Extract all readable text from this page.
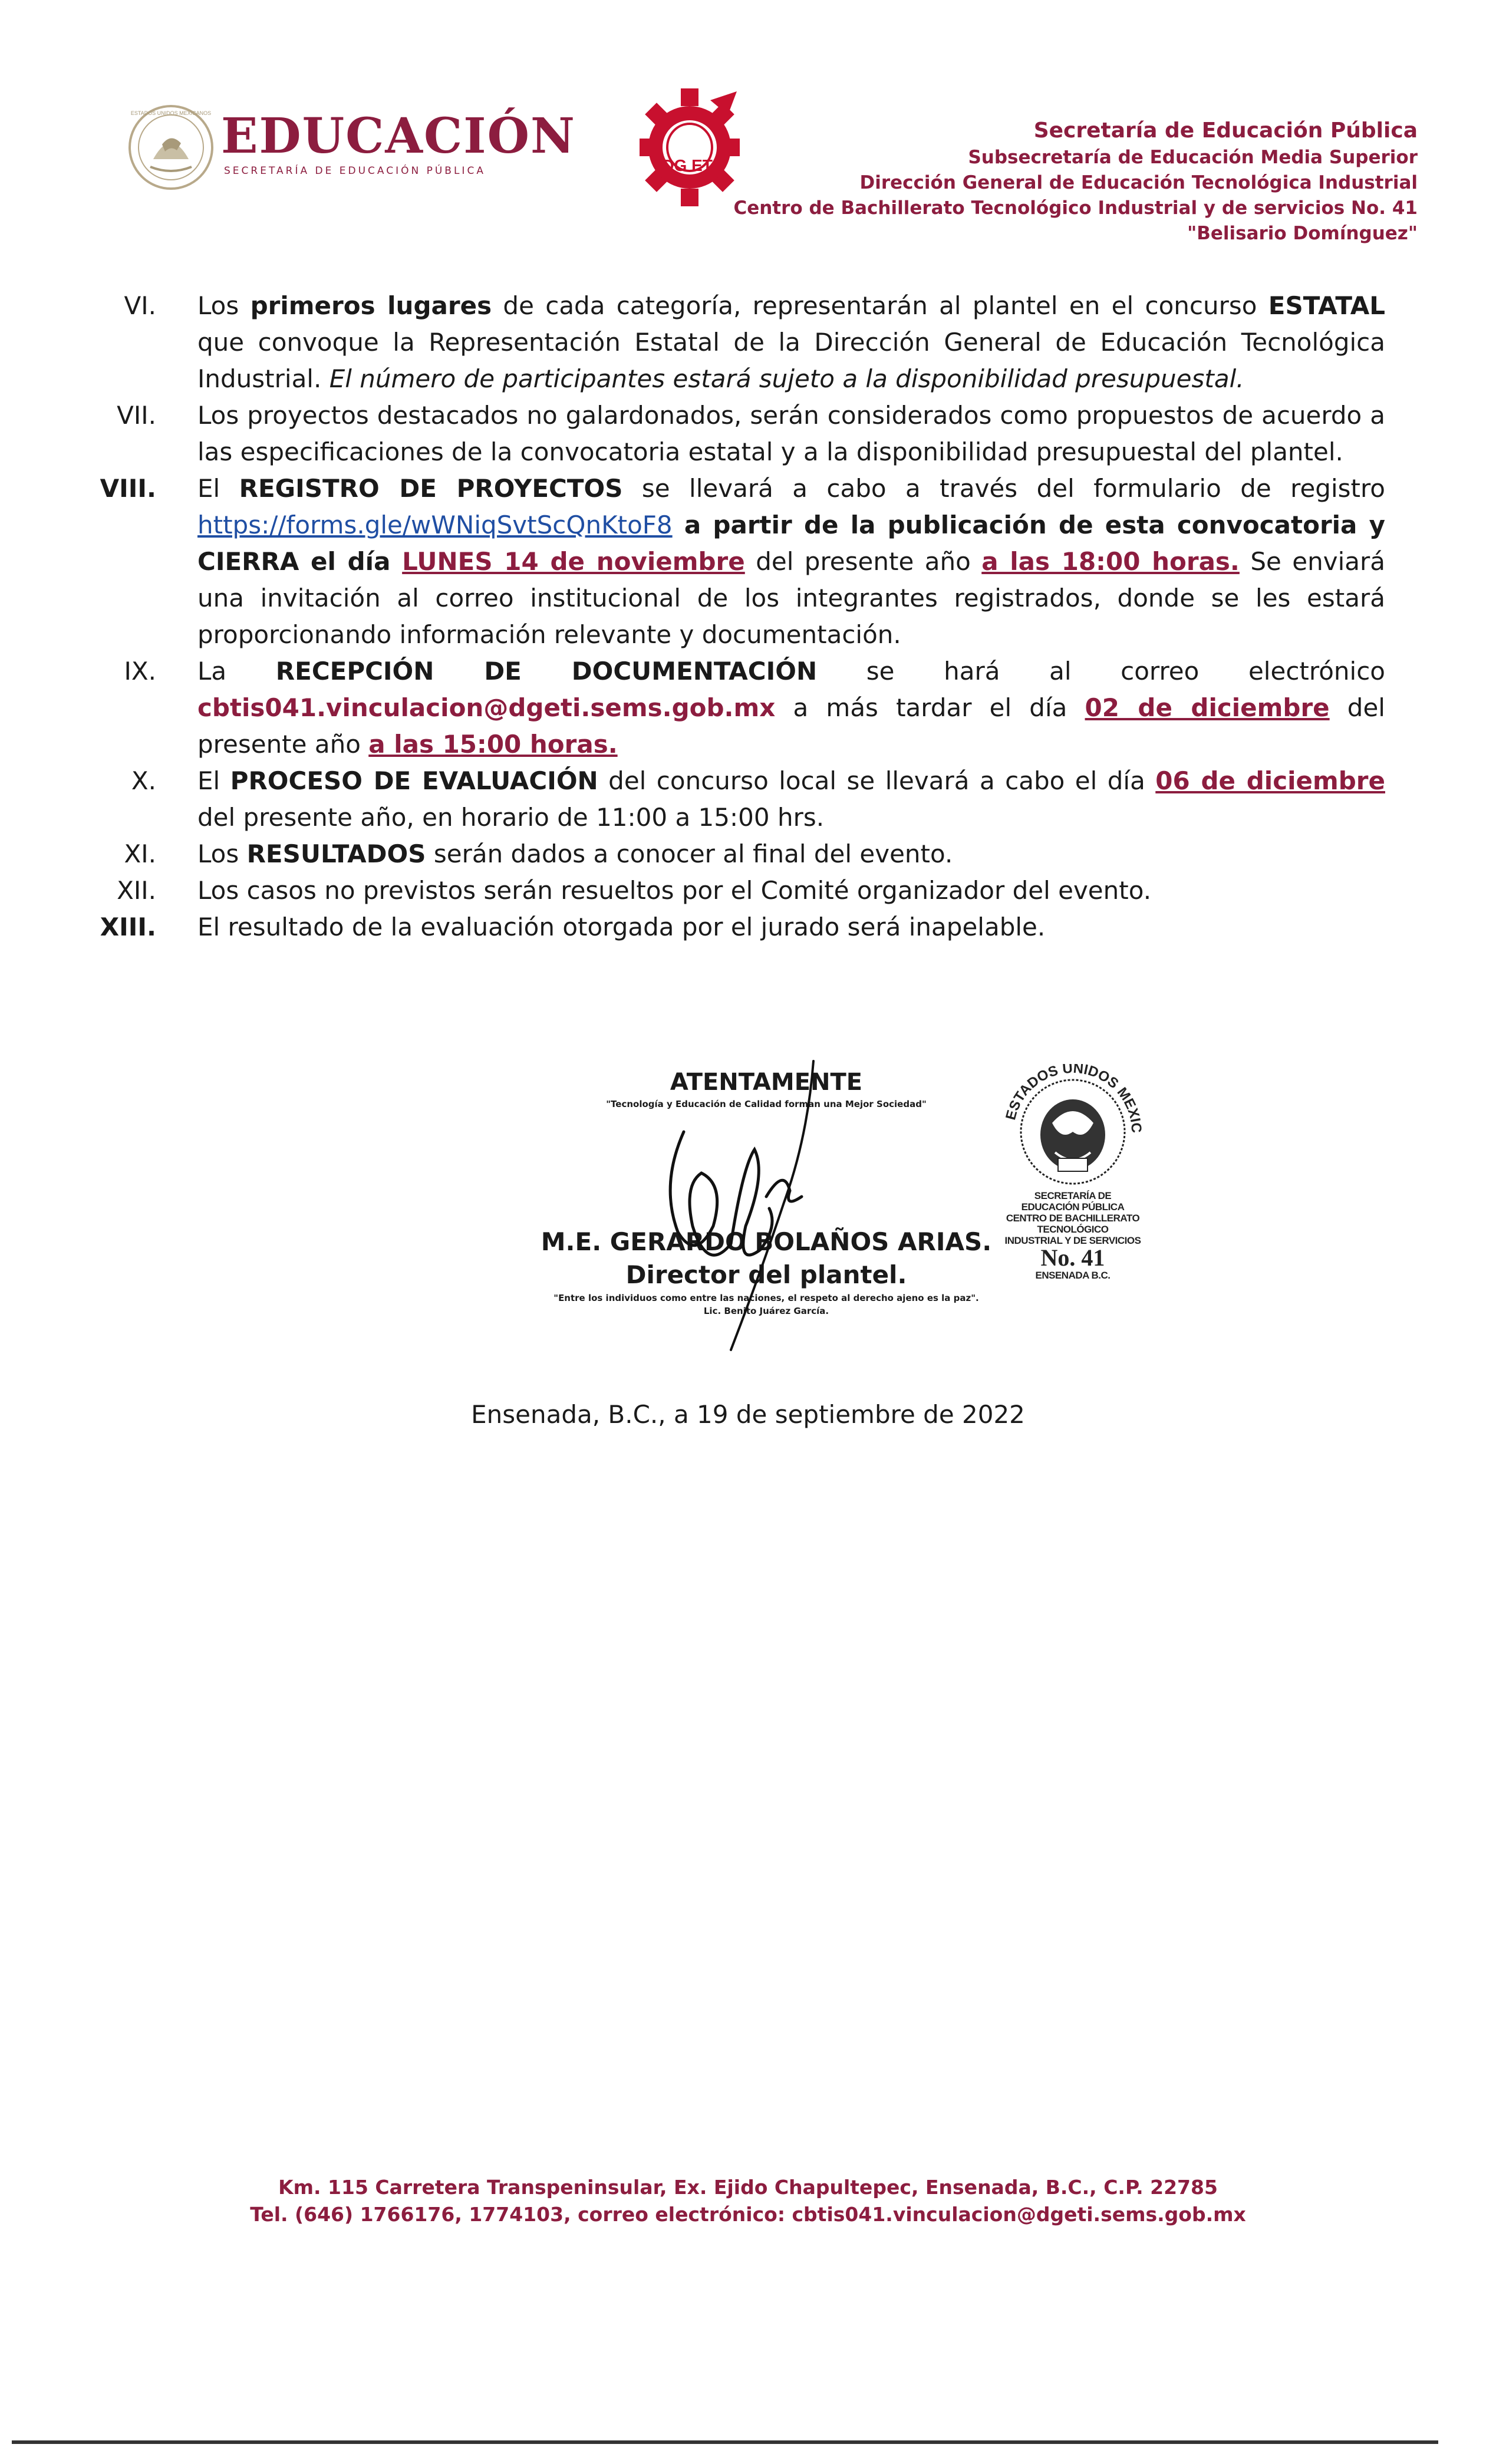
ESTADOS UNIDOS MEXICANOS EDUCACIÓN
SECRETARÍA DE EDUCACIÓN PÚBLICA	DG ETI
Secretaría de Educación Pública
Subsecretaría de Educación Media Superior
Dirección General de Educación Tecnológica Industrial
Centro de Bachillerato Tecnológico Industrial y de servicios No. 41
"Belisario Domínguez"
VI. Los primeros lugares de cada categoría, representarán al plantel en el concurso ESTATAL que convoque la Representación Estatal de la Dirección General de Educación Tecnológica Industrial. El número de participantes estará sujeto a la disponibilidad presupuestal.
VII. Los proyectos destacados no galardonados, serán considerados como propuestos de acuerdo a las especificaciones de la convocatoria estatal y a la disponibilidad presupuestal del plantel.
VIII. El REGISTRO DE PROYECTOS se llevará a cabo a través del formulario de registro https://forms.gle/wWNiqSvtScQnKtoF8 a partir de la publicación de esta convocatoria y CIERRA el día LUNES 14 de noviembre del presente año a las 18:00 horas. Se enviará una invitación al correo institucional de los integrantes registrados, donde se les estará proporcionando información relevante y documentación.
IX. La RECEPCIÓN DE DOCUMENTACIÓN se hará al correo electrónico cbtis041.vinculacion@dgeti.sems.gob.mx a más tardar el día 02 de diciembre del presente año a las 15:00 horas.
X. El PROCESO DE EVALUACIÓN del concurso local se llevará a cabo el día 06 de diciembre del presente año, en horario de 11:00 a 15:00 hrs.
XI. Los RESULTADOS serán dados a conocer al final del evento.
XII. Los casos no previstos serán resueltos por el Comité organizador del evento.
XIII. El resultado de la evaluación otorgada por el jurado será inapelable.
ATENTAMENTE
"Tecnología y Educación de Calidad forman una Mejor Sociedad"
M.E. GERARDO BOLAÑOS ARIAS.
Director del plantel.
"Entre los individuos como entre las naciones, el respeto al derecho ajeno es la paz".
Lic. Benito Juárez García.
ESTADOS UNIDOS MEXIC
SECRETARÍA DE
EDUCACIÓN PÚBLICA
CENTRO DE BACHILLERATO
TECNOLÓGICO
INDUSTRIAL Y DE SERVICIOS
No. 41
ENSENADA B.C.
Ensenada, B.C., a 19 de septiembre de 2022
Km. 115 Carretera Transpeninsular, Ex. Ejido Chapultepec, Ensenada, B.C., C.P. 22785
Tel. (646) 1766176, 1774103, correo electrónico: cbtis041.vinculacion@dgeti.sems.gob.mx
